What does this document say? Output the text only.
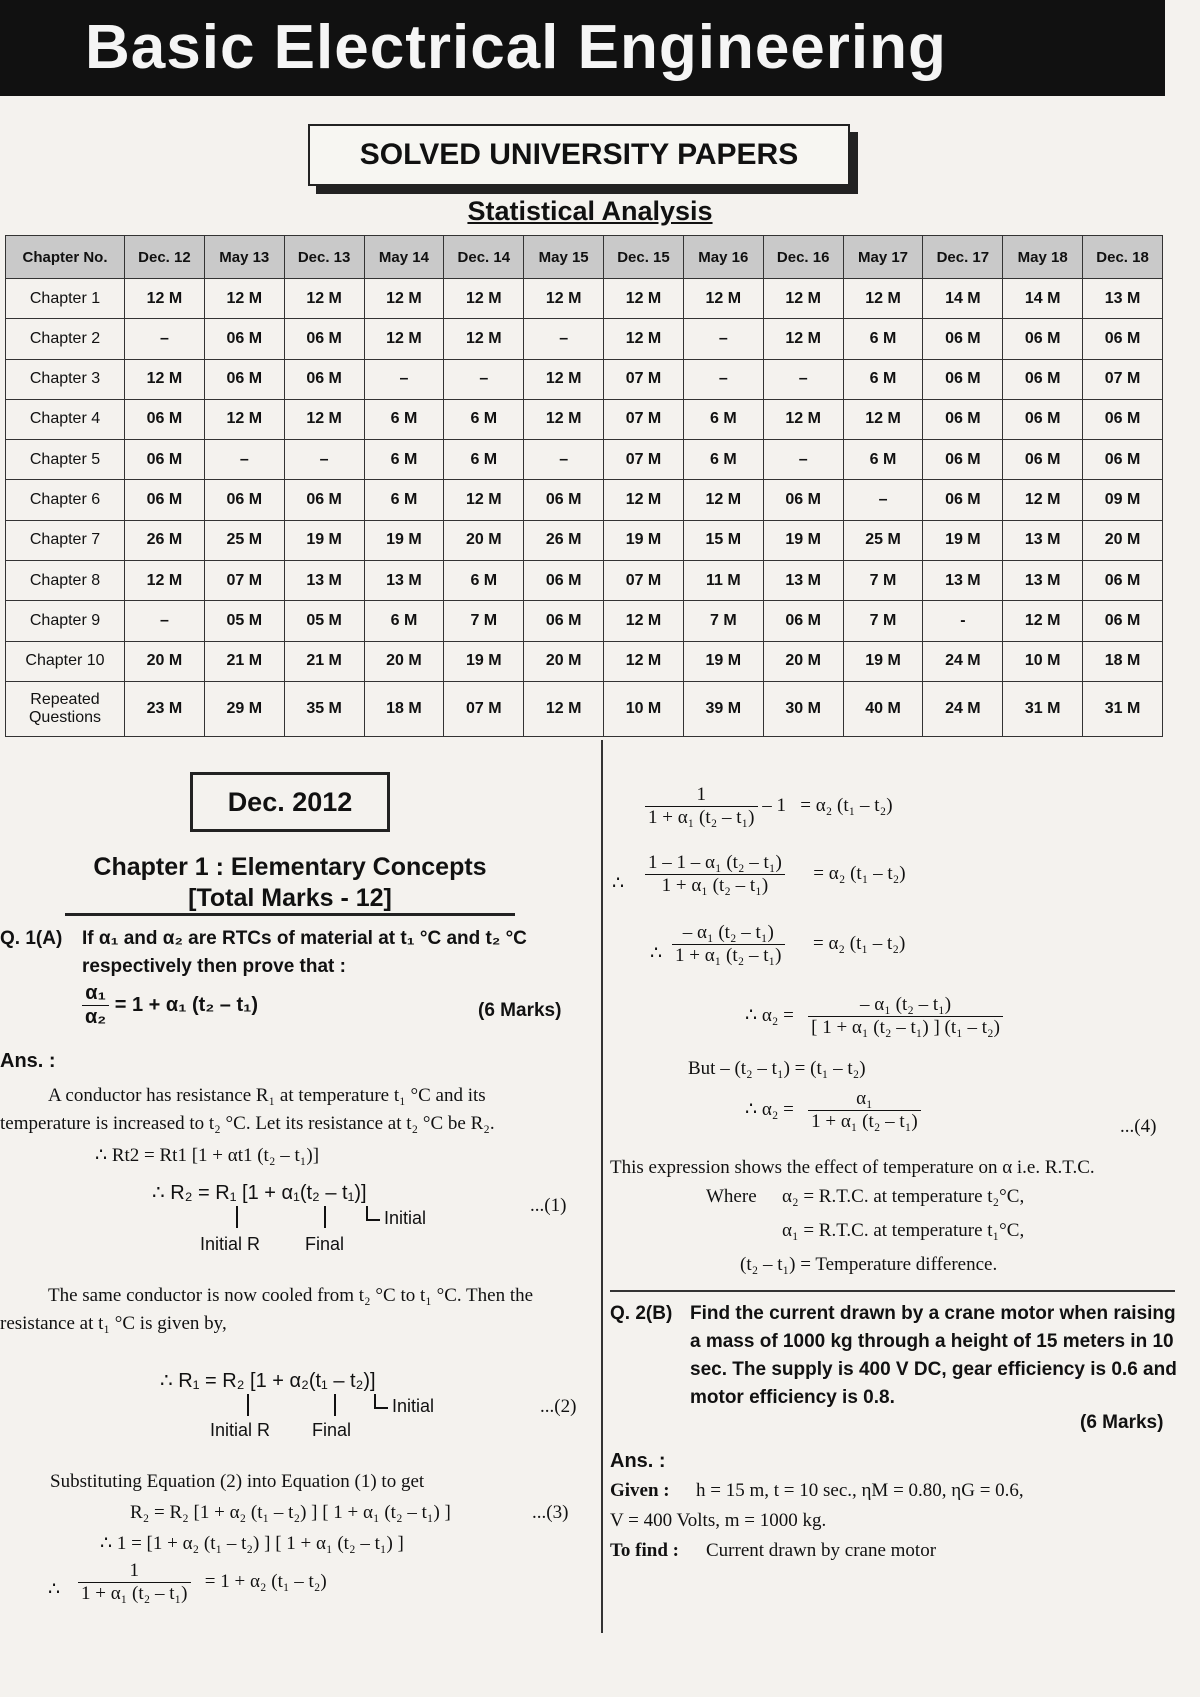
Basic Electrical Engineering
SOLVED UNIVERSITY PAPERS
Statistical Analysis
Chapter No.	Dec. 12	May 13	Dec. 13	May 14	Dec. 14	May 15	Dec. 15	May 16	Dec. 16	May 17	Dec. 17	May 18	Dec. 18
Chapter 1	12 M	12 M	12 M	12 M	12 M	12 M	12 M	12 M	12 M	12 M	14 M	14 M	13 M
Chapter 2	–	06 M	06 M	12 M	12 M	–	12 M	–	12 M	6 M	06 M	06 M	06 M
Chapter 3	12 M	06 M	06 M	–	–	12 M	07 M	–	–	6 M	06 M	06 M	07 M
Chapter 4	06 M	12 M	12 M	6 M	6 M	12 M	07 M	6 M	12 M	12 M	06 M	06 M	06 M
Chapter 5	06 M	–	–	6 M	6 M	–	07 M	6 M	–	6 M	06 M	06 M	06 M
Chapter 6	06 M	06 M	06 M	6 M	12 M	06 M	12 M	12 M	06 M	–	06 M	12 M	09 M
Chapter 7	26 M	25 M	19 M	19 M	20 M	26 M	19 M	15 M	19 M	25 M	19 M	13 M	20 M
Chapter 8	12 M	07 M	13 M	13 M	6 M	06 M	07 M	11 M	13 M	7 M	13 M	13 M	06 M
Chapter 9	–	05 M	05 M	6 M	7 M	06 M	12 M	7 M	06 M	7 M	-	12 M	06 M
Chapter 10	20 M	21 M	21 M	20 M	19 M	20 M	12 M	19 M	20 M	19 M	24 M	10 M	18 M
Repeated Questions	23 M	29 M	35 M	18 M	07 M	12 M	10 M	39 M	30 M	40 M	24 M	31 M	31 M
Dec. 2012
Chapter 1 : Elementary Concepts
[Total Marks - 12]
Q. 1(A) If α₁ and α₂ are RTCs of material at t₁ °C and t₂ °C respectively then prove that :
$\frac{\text{α₁}}{\text{α₂}} = 1 + \alpha_1$ (t₂ – t₁)	(6 Marks)
Ans. :
A conductor has resistance R₁ at temperature t₁ °C and its temperature is increased to t₂ °C. Let its resistance at t₂ °C be R₂.
∴ Rt2 = Rt1 [1 + αt1 (t₂ – t₁)]
∴ R₂ = R₁ [1 + α₁(t₂ – t₁)]
Initial
Initial R Final
...(1)
The same conductor is now cooled from t₂ °C to t₁ °C. Then the resistance at t₁ °C is given by,
∴ R₁ = R₂ [1 + α₂(t₁ – t₂)]
Initial
Initial R Final
...(2)
Substituting Equation (2) into Equation (1) to get
R₂ = R₂ [1 + α₂ (t₁ – t₂) ] [ 1 + α₁ (t₂ – t₁) ]	...(3)
∴ 1 = [1 + α₂ (t₁ – t₂) ] [ 1 + α₁ (t₂ – t₁) ]
∴ $\frac{1}{\text{1 + α₁ (t₂ – t₁)}} = 1 + \alpha_2$ (t₁ – t₂)
$\frac{1}{\text{1 + α₁ (t₂ – t₁)}} - 1 = \alpha_2$ (t₁ – t₂)
∴ $\frac{\text{1 – 1 – α₁ (t₂ – t₁)}}{\text{1 + α₁ (t₂ – t₁)}} = \alpha_2$ (t₁ – t₂)
∴ $\frac{\text{– α₁ (t₂ – t₁)}}{\text{1 + α₁ (t₂ – t₁)}} = \alpha_2$ (t₁ – t₂)
∴ $\alpha_2 = \frac{\text{– α₁ (t₂ – t₁)}}{\text{[ 1 + α₁ (t₂ – t₁) ] (t₁ – t₂)}}$
But – (t₂ – t₁) = (t₁ – t₂)
∴ $\alpha_2 = \frac{\text{α₁}}{\text{1 + α₁ (t₂ – t₁)}}$	...(4)
This expression shows the effect of temperature on α i.e. R.T.C.
Where α₂ = R.T.C. at temperature t₂°C,
α₁ = R.T.C. at temperature t₁°C,
(t₂ – t₁) = Temperature difference.
Q. 2(B) Find the current drawn by a crane motor when raising a mass of 1000 kg through a height of 15 meters in 10 sec. The supply is 400 V DC, gear efficiency is 0.6 and motor efficiency is 0.8.
(6 Marks)
Ans. :
Given : h = 15 m, t = 10 sec., ηM = 0.80, ηG = 0.6,
V = 400 Volts, m = 1000 kg.
To find : Current drawn by crane motor
